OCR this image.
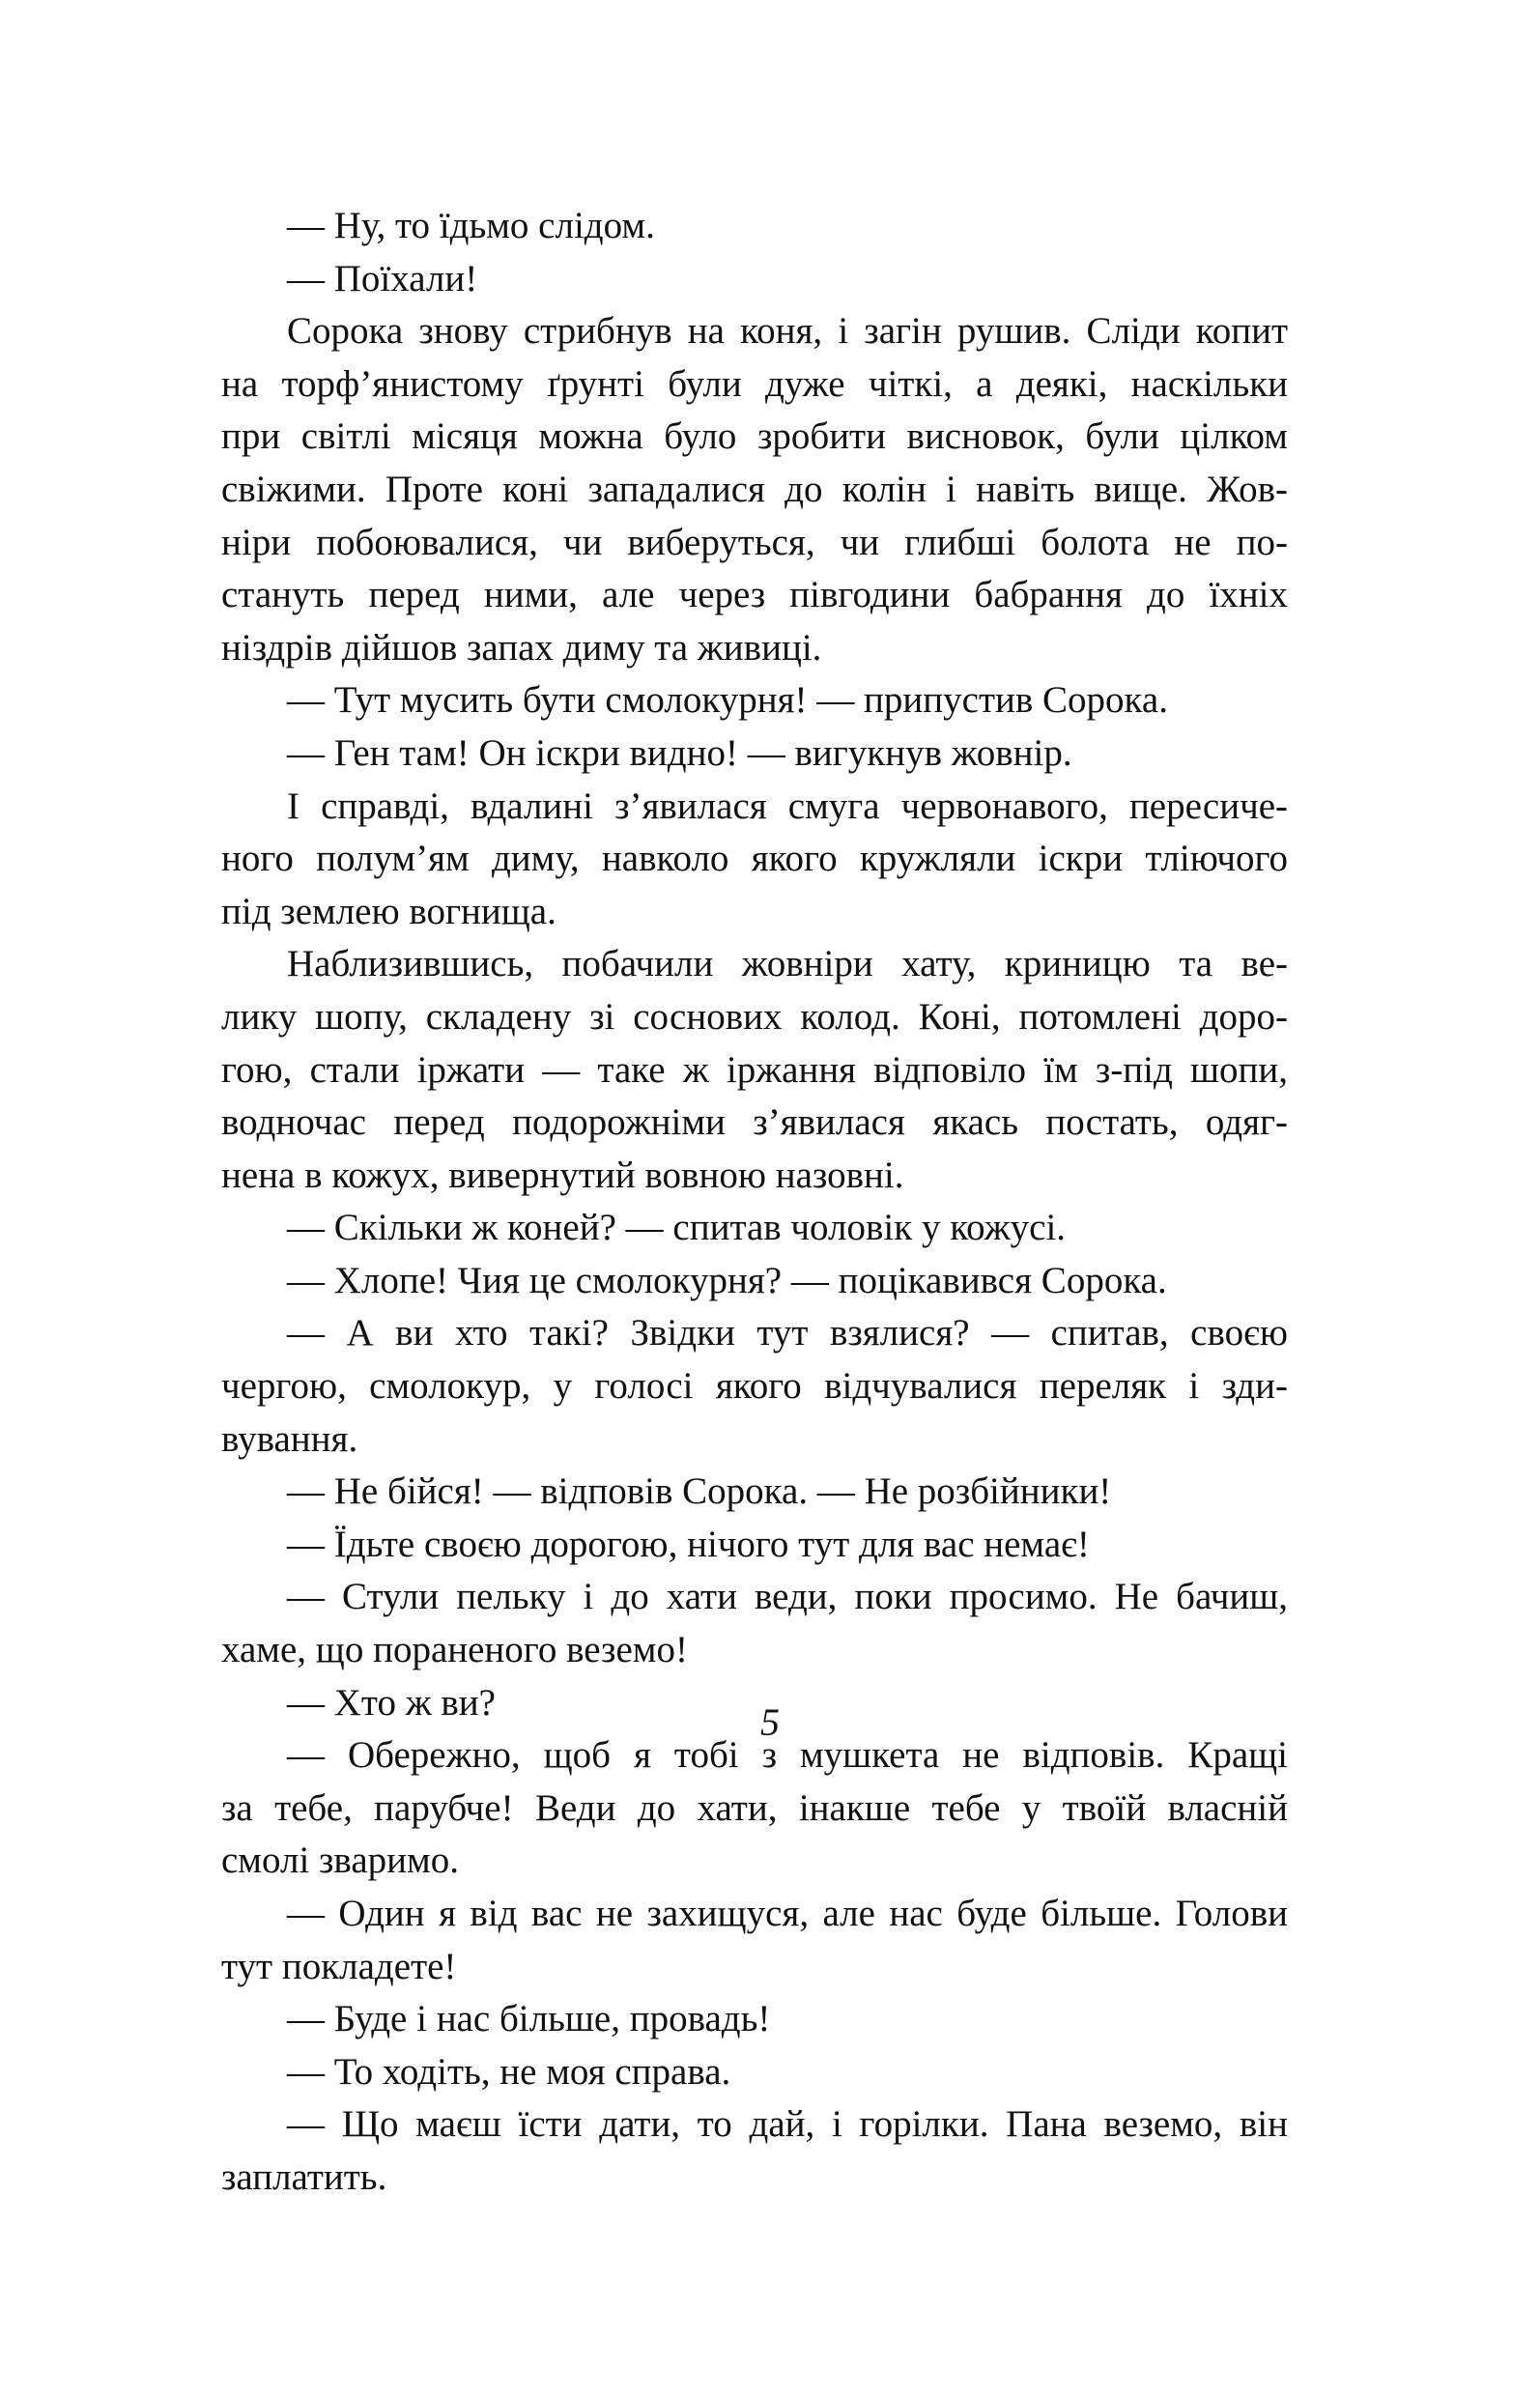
— Ну, то їдьмо слідом.
— Поїхали!
Сорока знову стрибнув на коня, і загін рушив. Сліди копит
на торф’янистому ґрунті були дуже чіткі, а деякі, наскільки
при світлі місяця можна було зробити висновок, були цілком
свіжими. Проте коні западалися до колін і навіть вище. Жов-
ніри побоювалися, чи виберуться, чи глибші болота не по-
стануть перед ними, але через півгодини бабрання до їхніх
ніздрів дійшов запах диму та живиці.
— Тут мусить бути смолокурня! — припустив Сорока.
— Ген там! Он іскри видно! — вигукнув жовнір.
І справді, вдалині з’явилася смуга червонавого, пересиче-
ного полум’ям диму, навколо якого кружляли іскри тліючого
під землею вогнища.
Наблизившись, побачили жовніри хату, криницю та ве-
лику шопу, складену зі соснових колод. Коні, потомлені доро-
гою, стали іржати — таке ж іржання відповіло їм з-під шопи,
водночас перед подорожніми з’явилася якась постать, одяг-
нена в кожух, вивернутий вовною назовні.
— Скільки ж коней? — спитав чоловік у кожусі.
— Хлопе! Чия це смолокурня? — поцікавився Сорока.
— А ви хто такі? Звідки тут взялися? — спитав, своєю
чергою, смолокур, у голосі якого відчувалися переляк і зди-
вування.
— Не бійся! — відповів Сорока. — Не розбійники!
— Їдьте своєю дорогою, нічого тут для вас немає!
— Стули пельку і до хати веди, поки просимо. Не бачиш,
хаме, що пораненого веземо!
— Хто ж ви?
— Обережно, щоб я тобі з мушкета не відповів. Кращі
за тебе, парубче! Веди до хати, інакше тебе у твоїй власній
смолі зваримо.
— Один я від вас не захищуся, але нас буде більше. Голови
тут покладете!
— Буде і нас більше, провадь!
— То ходіть, не моя справа.
— Що маєш їсти дати, то дай, і горілки. Пана веземо, він
заплатить.
5
